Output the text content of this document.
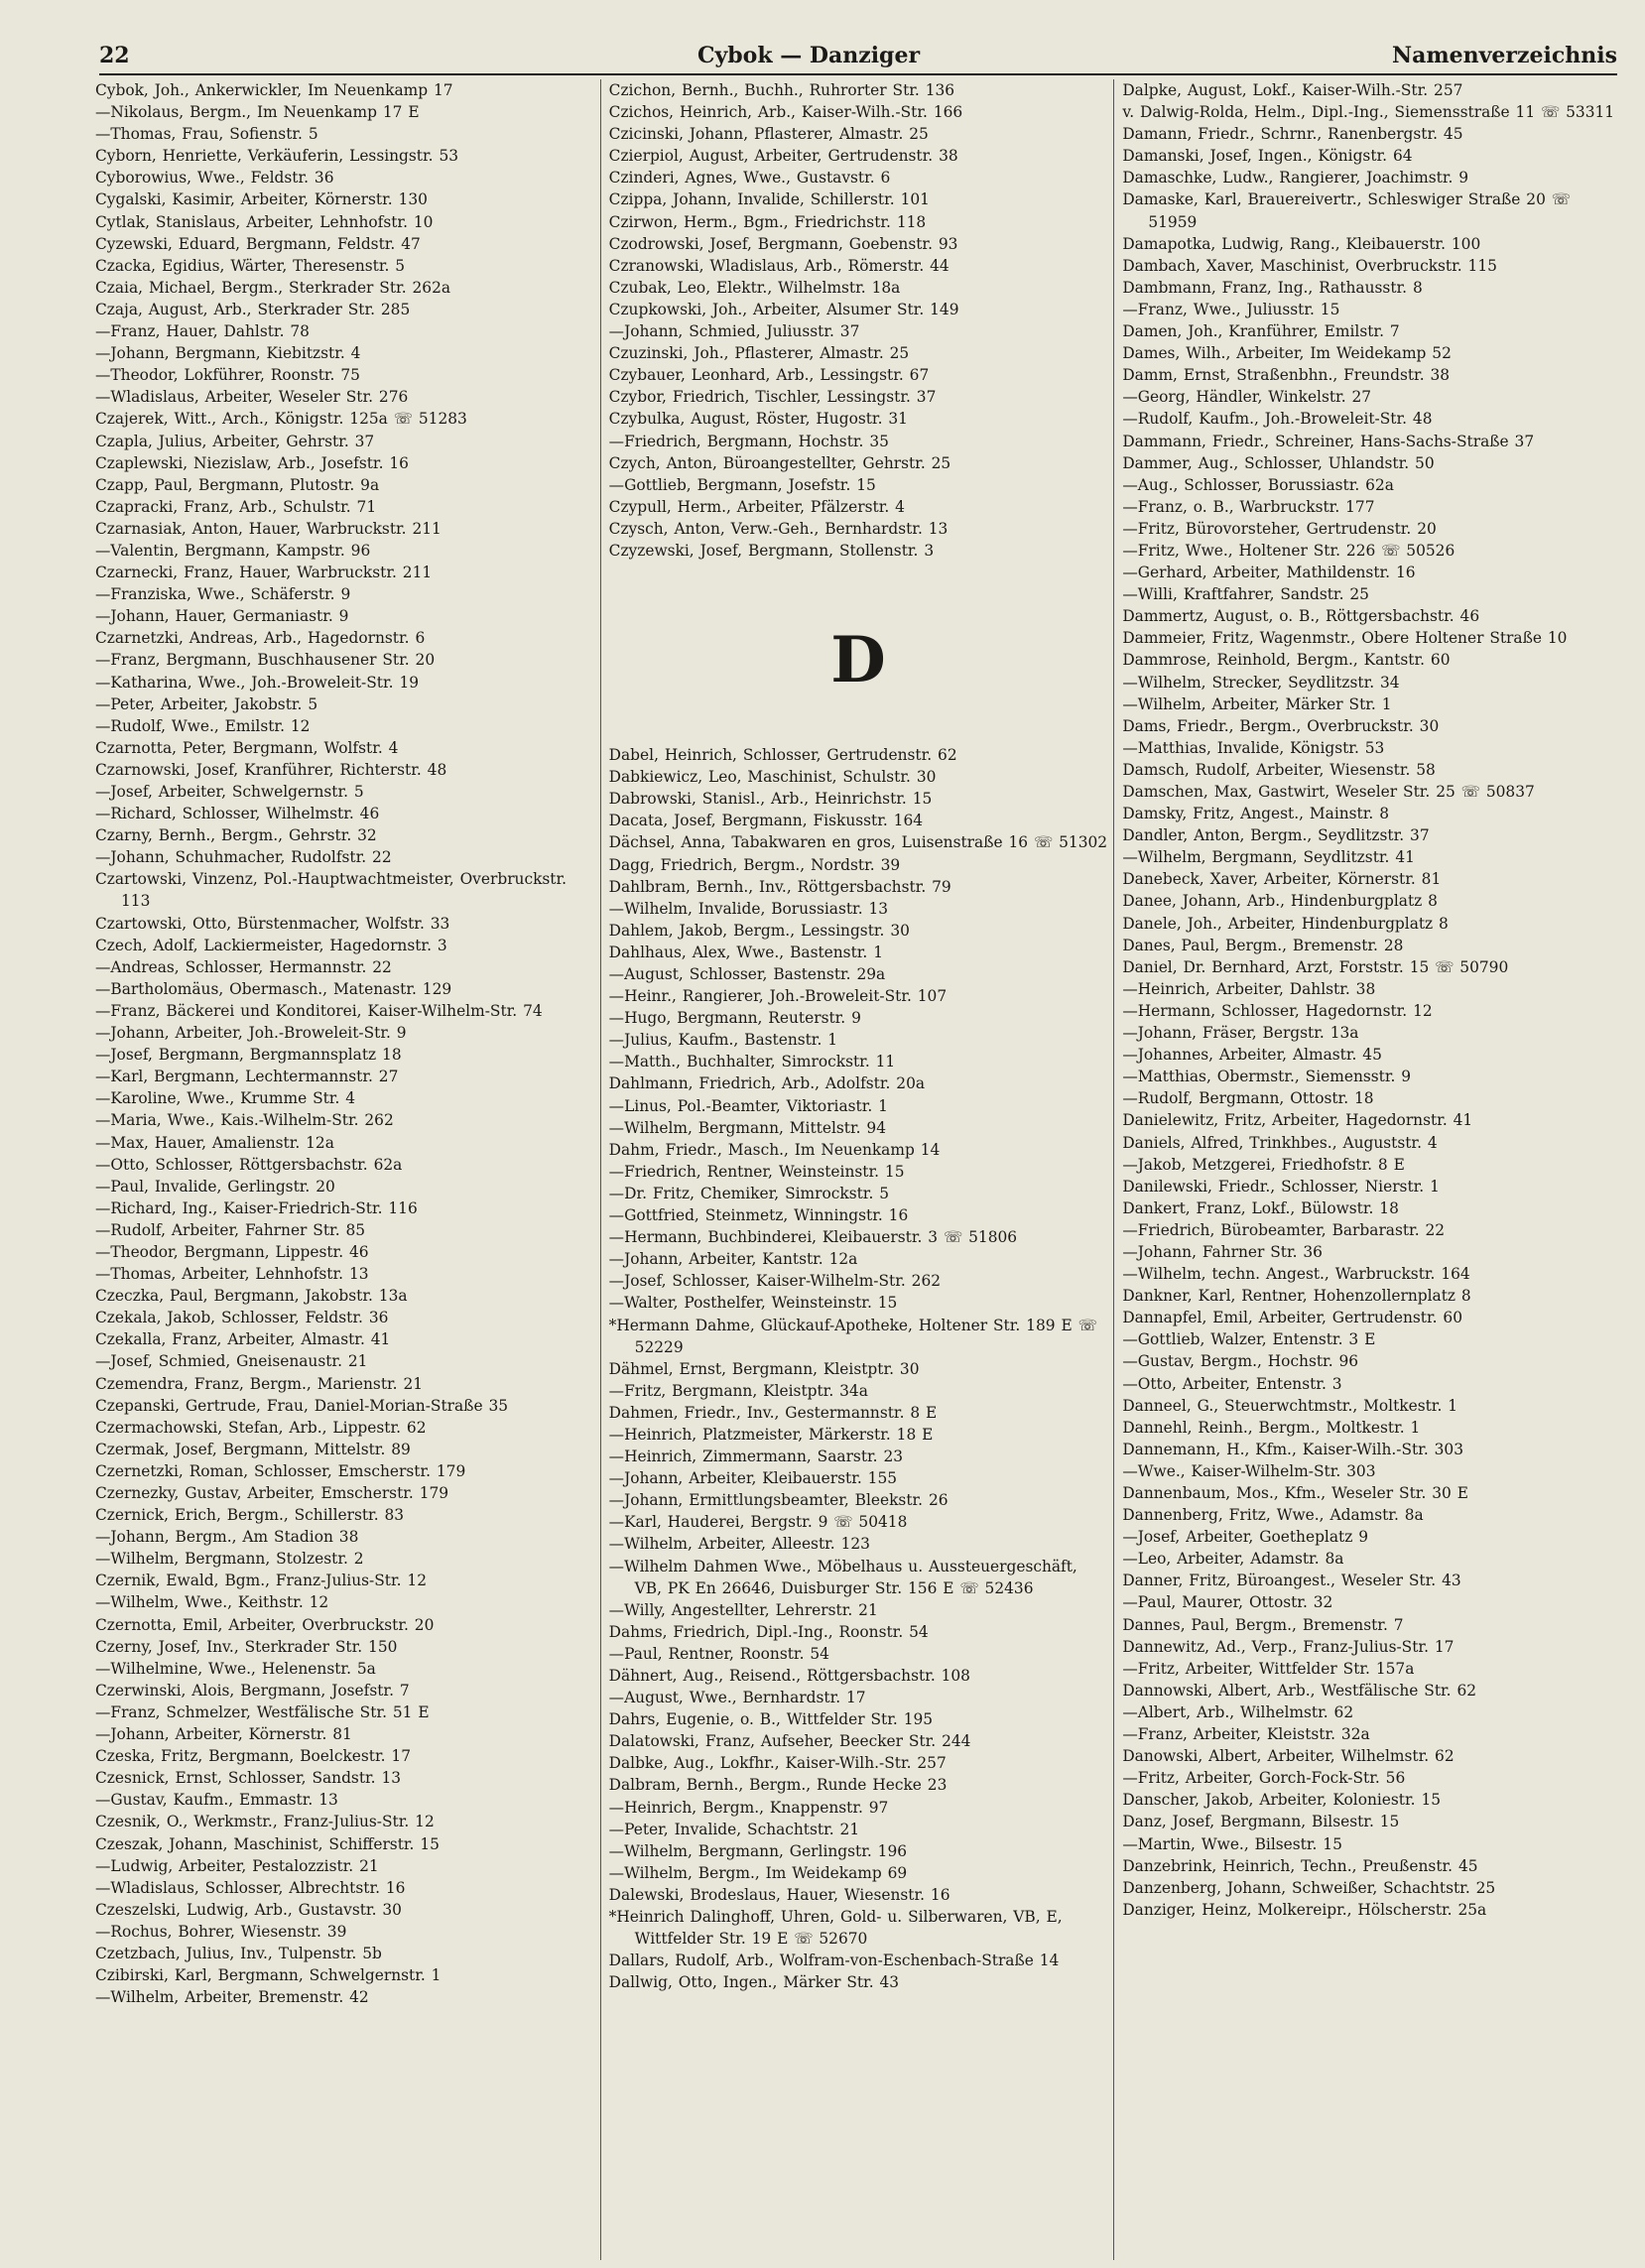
22	Cybok — Danziger	Namenverzeichnis
Cybok, Joh., Ankerwickler, Im Neuenkamp 17
—Nikolaus, Bergm., Im Neuenkamp 17 E
—Thomas, Frau, Sofienstr. 5
Cyborn, Henriette, Verkäuferin, Lessingstr. 53
Cyborowius, Wwe., Feldstr. 36
Cygalski, Kasimir, Arbeiter, Körnerstr. 130
Cytlak, Stanislaus, Arbeiter, Lehnhofstr. 10
Cyzewski, Eduard, Bergmann, Feldstr. 47
Czacka, Egidius, Wärter, Theresenstr. 5
Czaia, Michael, Bergm., Sterkrader Str. 262a
Czaja, August, Arb., Sterkrader Str. 285
—Franz, Hauer, Dahlstr. 78
—Johann, Bergmann, Kiebitzstr. 4
—Theodor, Lokführer, Roonstr. 75
—Wladislaus, Arbeiter, Weseler Str. 276
Czajerek, Witt., Arch., Königstr. 125a ☏ 51283
Czapla, Julius, Arbeiter, Gehrstr. 37
Czaplewski, Niezislaw, Arb., Josefstr. 16
Czapp, Paul, Bergmann, Plutostr. 9a
Czapracki, Franz, Arb., Schulstr. 71
Czarnasiak, Anton, Hauer, Warbruckstr. 211
—Valentin, Bergmann, Kampstr. 96
Czarnecki, Franz, Hauer, Warbruckstr. 211
—Franziska, Wwe., Schäferstr. 9
—Johann, Hauer, Germaniastr. 9
Czarnetzki, Andreas, Arb., Hagedornstr. 6
—Franz, Bergmann, Buschhausener Str. 20
—Katharina, Wwe., Joh.-Broweleit-Str. 19
—Peter, Arbeiter, Jakobstr. 5
—Rudolf, Wwe., Emilstr. 12
Czarnotta, Peter, Bergmann, Wolfstr. 4
Czarnowski, Josef, Kranführer, Richterstr. 48
—Josef, Arbeiter, Schwelgernstr. 5
—Richard, Schlosser, Wilhelmstr. 46
Czarny, Bernh., Bergm., Gehrstr. 32
—Johann, Schuhmacher, Rudolfstr. 22
Czartowski, Vinzenz, Pol.-Hauptwachtmeister, Overbruckstr. 113
Czartowski, Otto, Bürstenmacher, Wolfstr. 33
Czech, Adolf, Lackiermeister, Hagedornstr. 3
—Andreas, Schlosser, Hermannstr. 22
—Bartholomäus, Obermasch., Matenastr. 129
—Franz, Bäckerei und Konditorei, Kaiser-Wilhelm-Str. 74
—Johann, Arbeiter, Joh.-Broweleit-Str. 9
—Josef, Bergmann, Bergmannsplatz 18
—Karl, Bergmann, Lechtermannstr. 27
—Karoline, Wwe., Krumme Str. 4
—Maria, Wwe., Kais.-Wilhelm-Str. 262
—Max, Hauer, Amalienstr. 12a
—Otto, Schlosser, Röttgersbachstr. 62a
—Paul, Invalide, Gerlingstr. 20
—Richard, Ing., Kaiser-Friedrich-Str. 116
—Rudolf, Arbeiter, Fahrner Str. 85
—Theodor, Bergmann, Lippestr. 46
—Thomas, Arbeiter, Lehnhofstr. 13
Czeczka, Paul, Bergmann, Jakobstr. 13a
Czekala, Jakob, Schlosser, Feldstr. 36
Czekalla, Franz, Arbeiter, Almastr. 41
—Josef, Schmied, Gneisenaustr. 21
Czemendra, Franz, Bergm., Marienstr. 21
Czepanski, Gertrude, Frau, Daniel-Morian-Straße 35
Czermachowski, Stefan, Arb., Lippestr. 62
Czermak, Josef, Bergmann, Mittelstr. 89
Czernetzki, Roman, Schlosser, Emscherstr. 179
Czernezky, Gustav, Arbeiter, Emscherstr. 179
Czernick, Erich, Bergm., Schillerstr. 83
—Johann, Bergm., Am Stadion 38
—Wilhelm, Bergmann, Stolzestr. 2
Czernik, Ewald, Bgm., Franz-Julius-Str. 12
—Wilhelm, Wwe., Keithstr. 12
Czernotta, Emil, Arbeiter, Overbruckstr. 20
Czerny, Josef, Inv., Sterkrader Str. 150
—Wilhelmine, Wwe., Helenenstr. 5a
Czerwinski, Alois, Bergmann, Josefstr. 7
—Franz, Schmelzer, Westfälische Str. 51 E
—Johann, Arbeiter, Körnerstr. 81
Czeska, Fritz, Bergmann, Boelckestr. 17
Czesnick, Ernst, Schlosser, Sandstr. 13
—Gustav, Kaufm., Emmastr. 13
Czesnik, O., Werkmstr., Franz-Julius-Str. 12
Czeszak, Johann, Maschinist, Schifferstr. 15
—Ludwig, Arbeiter, Pestalozzistr. 21
—Wladislaus, Schlosser, Albrechtstr. 16
Czeszelski, Ludwig, Arb., Gustavstr. 30
—Rochus, Bohrer, Wiesenstr. 39
Czetzbach, Julius, Inv., Tulpenstr. 5b
Czibirski, Karl, Bergmann, Schwelgernstr. 1
—Wilhelm, Arbeiter, Bremenstr. 42
Czichon, Bernh., Buchh., Ruhrorter Str. 136
Czichos, Heinrich, Arb., Kaiser-Wilh.-Str. 166
Czicinski, Johann, Pflasterer, Almastr. 25
Czierpiol, August, Arbeiter, Gertrudenstr. 38
Czinderi, Agnes, Wwe., Gustavstr. 6
Czippa, Johann, Invalide, Schillerstr. 101
Czirwon, Herm., Bgm., Friedrichstr. 118
Czodrowski, Josef, Bergmann, Goebenstr. 93
Czranowski, Wladislaus, Arb., Römerstr. 44
Czubak, Leo, Elektr., Wilhelmstr. 18a
Czupkowski, Joh., Arbeiter, Alsumer Str. 149
—Johann, Schmied, Juliusstr. 37
Czuzinski, Joh., Pflasterer, Almastr. 25
Czybauer, Leonhard, Arb., Lessingstr. 67
Czybor, Friedrich, Tischler, Lessingstr. 37
Czybulka, August, Röster, Hugostr. 31
—Friedrich, Bergmann, Hochstr. 35
Czych, Anton, Büroangestellter, Gehrstr. 25
—Gottlieb, Bergmann, Josefstr. 15
Czypull, Herm., Arbeiter, Pfälzerstr. 4
Czysch, Anton, Verw.-Geh., Bernhardstr. 13
Czyzewski, Josef, Bergmann, Stollenstr. 3
D
Dabel, Heinrich, Schlosser, Gertrudenstr. 62
Dabkiewicz, Leo, Maschinist, Schulstr. 30
Dabrowski, Stanisl., Arb., Heinrichstr. 15
Dacata, Josef, Bergmann, Fiskusstr. 164
Dächsel, Anna, Tabakwaren en gros, Luisenstraße 16 ☏ 51302
Dagg, Friedrich, Bergm., Nordstr. 39
Dahlbram, Bernh., Inv., Röttgersbachstr. 79
—Wilhelm, Invalide, Borussiastr. 13
Dahlem, Jakob, Bergm., Lessingstr. 30
Dahlhaus, Alex, Wwe., Bastenstr. 1
—August, Schlosser, Bastenstr. 29a
—Heinr., Rangierer, Joh.-Broweleit-Str. 107
—Hugo, Bergmann, Reuterstr. 9
—Julius, Kaufm., Bastenstr. 1
—Matth., Buchhalter, Simrockstr. 11
Dahlmann, Friedrich, Arb., Adolfstr. 20a
—Linus, Pol.-Beamter, Viktoriastr. 1
—Wilhelm, Bergmann, Mittelstr. 94
Dahm, Friedr., Masch., Im Neuenkamp 14
—Friedrich, Rentner, Weinsteinstr. 15
—Dr. Fritz, Chemiker, Simrockstr. 5
—Gottfried, Steinmetz, Winningstr. 16
—Hermann, Buchbinderei, Kleibauerstr. 3 ☏ 51806
—Johann, Arbeiter, Kantstr. 12a
—Josef, Schlosser, Kaiser-Wilhelm-Str. 262
—Walter, Posthelfer, Weinsteinstr. 15
*Hermann Dahme, Glückauf-Apotheke, Holtener Str. 189 E ☏ 52229
Dähmel, Ernst, Bergmann, Kleistptr. 30
—Fritz, Bergmann, Kleistptr. 34a
Dahmen, Friedr., Inv., Gestermannstr. 8 E
—Heinrich, Platzmeister, Märkerstr. 18 E
—Heinrich, Zimmermann, Saarstr. 23
—Johann, Arbeiter, Kleibauerstr. 155
—Johann, Ermittlungsbeamter, Bleekstr. 26
—Karl, Hauderei, Bergstr. 9 ☏ 50418
—Wilhelm, Arbeiter, Alleestr. 123
—Wilhelm Dahmen Wwe., Möbelhaus u. Aussteuergeschäft, VB, PK En 26646, Duisburger Str. 156 E ☏ 52436
—Willy, Angestellter, Lehrerstr. 21
Dahms, Friedrich, Dipl.-Ing., Roonstr. 54
—Paul, Rentner, Roonstr. 54
Dähnert, Aug., Reisend., Röttgersbachstr. 108
—August, Wwe., Bernhardstr. 17
Dahrs, Eugenie, o. B., Wittfelder Str. 195
Dalatowski, Franz, Aufseher, Beecker Str. 244
Dalbke, Aug., Lokfhr., Kaiser-Wilh.-Str. 257
Dalbram, Bernh., Bergm., Runde Hecke 23
—Heinrich, Bergm., Knappenstr. 97
—Peter, Invalide, Schachtstr. 21
—Wilhelm, Bergmann, Gerlingstr. 196
—Wilhelm, Bergm., Im Weidekamp 69
Dalewski, Brodeslaus, Hauer, Wiesenstr. 16
*Heinrich Dalinghoff, Uhren, Gold- u. Silberwaren, VB, E, Wittfelder Str. 19 E ☏ 52670
Dallars, Rudolf, Arb., Wolfram-von-Eschenbach-Straße 14
Dallwig, Otto, Ingen., Märker Str. 43
Dalpke, August, Lokf., Kaiser-Wilh.-Str. 257
v. Dalwig-Rolda, Helm., Dipl.-Ing., Siemensstraße 11 ☏ 53311
Damann, Friedr., Schrnr., Ranenbergstr. 45
Damanski, Josef, Ingen., Königstr. 64
Damaschke, Ludw., Rangierer, Joachimstr. 9
Damaske, Karl, Brauereivertr., Schleswiger Straße 20 ☏ 51959
Damapotka, Ludwig, Rang., Kleibauerstr. 100
Dambach, Xaver, Maschinist, Overbruckstr. 115
Dambmann, Franz, Ing., Rathausstr. 8
—Franz, Wwe., Juliusstr. 15
Damen, Joh., Kranführer, Emilstr. 7
Dames, Wilh., Arbeiter, Im Weidekamp 52
Damm, Ernst, Straßenbhn., Freundstr. 38
—Georg, Händler, Winkelstr. 27
—Rudolf, Kaufm., Joh.-Broweleit-Str. 48
Dammann, Friedr., Schreiner, Hans-Sachs-Straße 37
Dammer, Aug., Schlosser, Uhlandstr. 50
—Aug., Schlosser, Borussiastr. 62a
—Franz, o. B., Warbruckstr. 177
—Fritz, Bürovorsteher, Gertrudenstr. 20
—Fritz, Wwe., Holtener Str. 226 ☏ 50526
—Gerhard, Arbeiter, Mathildenstr. 16
—Willi, Kraftfahrer, Sandstr. 25
Dammertz, August, o. B., Röttgersbachstr. 46
Dammeier, Fritz, Wagenmstr., Obere Holtener Straße 10
Dammrose, Reinhold, Bergm., Kantstr. 60
—Wilhelm, Strecker, Seydlitzstr. 34
—Wilhelm, Arbeiter, Märker Str. 1
Dams, Friedr., Bergm., Overbruckstr. 30
—Matthias, Invalide, Königstr. 53
Damsch, Rudolf, Arbeiter, Wiesenstr. 58
Damschen, Max, Gastwirt, Weseler Str. 25 ☏ 50837
Damsky, Fritz, Angest., Mainstr. 8
Dandler, Anton, Bergm., Seydlitzstr. 37
—Wilhelm, Bergmann, Seydlitzstr. 41
Danebeck, Xaver, Arbeiter, Körnerstr. 81
Danee, Johann, Arb., Hindenburgplatz 8
Danele, Joh., Arbeiter, Hindenburgplatz 8
Danes, Paul, Bergm., Bremenstr. 28
Daniel, Dr. Bernhard, Arzt, Forststr. 15 ☏ 50790
—Heinrich, Arbeiter, Dahlstr. 38
—Hermann, Schlosser, Hagedornstr. 12
—Johann, Fräser, Bergstr. 13a
—Johannes, Arbeiter, Almastr. 45
—Matthias, Obermstr., Siemensstr. 9
—Rudolf, Bergmann, Ottostr. 18
Danielewitz, Fritz, Arbeiter, Hagedornstr. 41
Daniels, Alfred, Trinkhbes., Auguststr. 4
—Jakob, Metzgerei, Friedhofstr. 8 E
Danilewski, Friedr., Schlosser, Nierstr. 1
Dankert, Franz, Lokf., Bülowstr. 18
—Friedrich, Bürobeamter, Barbarastr. 22
—Johann, Fahrner Str. 36
—Wilhelm, techn. Angest., Warbruckstr. 164
Dankner, Karl, Rentner, Hohenzollernplatz 8
Dannapfel, Emil, Arbeiter, Gertrudenstr. 60
—Gottlieb, Walzer, Entenstr. 3 E
—Gustav, Bergm., Hochstr. 96
—Otto, Arbeiter, Entenstr. 3
Danneel, G., Steuerwchtmstr., Moltkestr. 1
Dannehl, Reinh., Bergm., Moltkestr. 1
Dannemann, H., Kfm., Kaiser-Wilh.-Str. 303
—Wwe., Kaiser-Wilhelm-Str. 303
Dannenbaum, Mos., Kfm., Weseler Str. 30 E
Dannenberg, Fritz, Wwe., Adamstr. 8a
—Josef, Arbeiter, Goetheplatz 9
—Leo, Arbeiter, Adamstr. 8a
Danner, Fritz, Büroangest., Weseler Str. 43
—Paul, Maurer, Ottostr. 32
Dannes, Paul, Bergm., Bremenstr. 7
Dannewitz, Ad., Verp., Franz-Julius-Str. 17
—Fritz, Arbeiter, Wittfelder Str. 157a
Dannowski, Albert, Arb., Westfälische Str. 62
—Albert, Arb., Wilhelmstr. 62
—Franz, Arbeiter, Kleiststr. 32a
Danowski, Albert, Arbeiter, Wilhelmstr. 62
—Fritz, Arbeiter, Gorch-Fock-Str. 56
Danscher, Jakob, Arbeiter, Koloniestr. 15
Danz, Josef, Bergmann, Bilsestr. 15
—Martin, Wwe., Bilsestr. 15
Danzebrink, Heinrich, Techn., Preußenstr. 45
Danzenberg, Johann, Schweißer, Schachtstr. 25
Danziger, Heinz, Molkereipr., Hölscherstr. 25a
